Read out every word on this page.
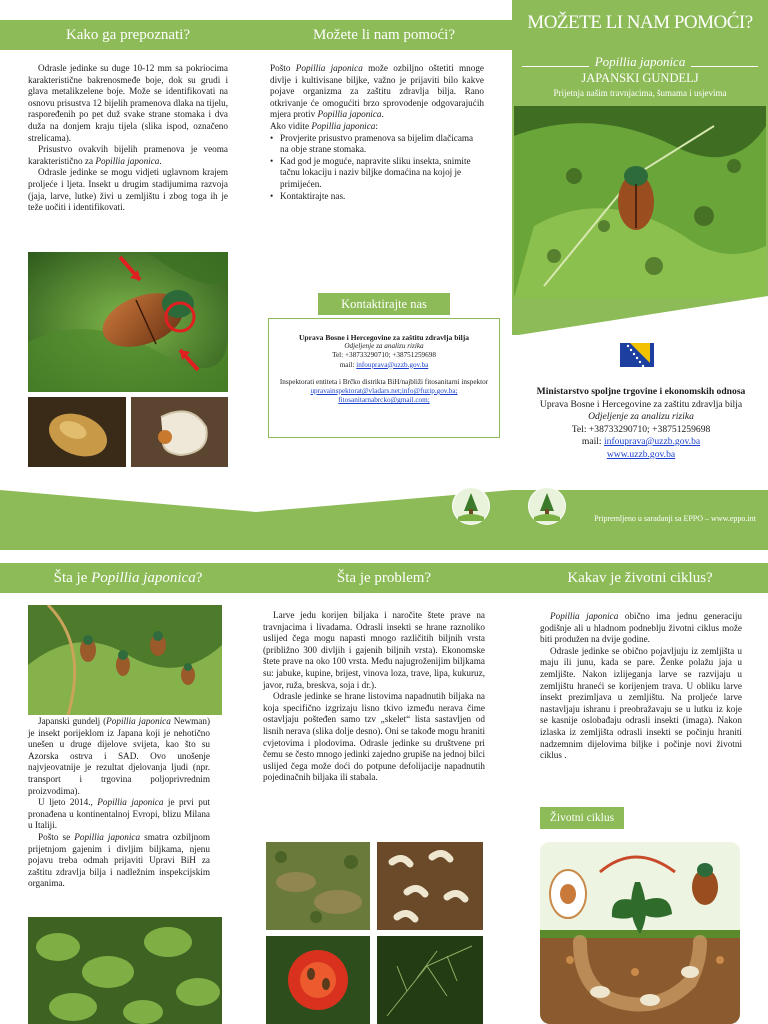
Kako ga prepoznati?	Možete li nam pomoći?
Odrasle jedinke su duge 10-12 mm sa pokriocima karakteristične bakrenosmeđe boje, dok su grudi i glava metalikzelene boje. Može se identifikovati na osnovu prisustva 12 bijelih pramenova dlaka na tijelu, raspoređenih po pet duž svake strane stomaka i dva duža na donjem kraju tijela (slika ispod, označeno strelicama).
Prisustvo ovakvih bijelih pramenova je veoma karakteristično za Popillia japonica.
Odrasle jedinke se mogu vidjeti uglavnom krajem proljeće i ljeta. Insekt u drugim stadijumima razvoja (jaja, larve, lutke) živi u zemljištu i zbog toga ih je teže uočiti i identifikovati.
Pošto Popillia japonica može ozbiljno oštetiti mnoge divlje i kultivisane biljke, važno je prijaviti bilo kakve pojave organizma za zaštitu zdravlja bilja. Rano otkrivanje će omogućiti brzo sprovodenje odgovarajućih mjera protiv Popillia japonica.
Ako vidite Popillia japonica:
• Provjerite prisustvo pramenova sa bijelim dlačicama na obje strane stomaka.
• Kad god je moguće, napravite sliku insekta, snimite tačnu lokaciju i naziv biljke domaćina na kojoj je primijećen.
• Kontaktirajte nas.
Uprava Bosne i Hercegovine za zaštitu zdravlja bilja
Odjeljenje za analizu rizika
Tel: +38733290710; +38751259698
mail: infouprava@uzzb.gov.ba
Inspektorati entiteta i Brčko distrikta BiH/najbliži fitosanitarni inspektor
upravainspektorat@vladars.net;info@fuzip.gov.ba;
fitosanitarnabrcko@gmail.com;
Kontaktirajte nas
MOŽETE LI NAM POMOĆI?
Popillia japonica
JAPANSKI GUNDELJ
Prijetnja našim travnjacima, šumama i usjevima
Ministarstvo spoljne trgovine i ekonomskih odnosa
Uprava Bosne i Hercegovine za zaštitu zdravlja bilja
Odjeljenje za analizu rizika
Tel: +38733290710; +38751259698
mail: infouprava@uzzb.gov.ba
www.uzzb.gov.ba
Pripremljeno u saradanji sa EPPO – www.eppo.int
Šta je Popillia japonica?	Šta je problem?	Kakav je životni ciklus?
Japanski gundelj (Popillia japonica Newman) je insekt porijeklom iz Japana koji je nehotično unešen u druge dijelove svijeta, kao što su Azorska ostrva i SAD. Ovo unošenje najvjeovatnije je rezultat djelovanja ljudi (npr. transport i trgovina poljoprivrednim proizvodima).
U ljeto 2014., Popillia japonica je prvi put pronađena u kontinentalnoj Evropi, blizu Milana u Italiji.
Pošto se Popillia japonica smatra ozbiljnom prijetnjom gajenim i divljim biljkama, njenu pojavu treba odmah prijaviti Upravi BiH za zaštitu zdravlja bilja i nadležnim inspekcijskim organima.
Larve jedu korijen biljaka i naročite štete prave na travnjacima i livadama. Odrasli insekti se hrane raznoliko uslijed čega mogu napasti mnogo različitih biljnih vrsta (približno 300 divljih i gajenih biljnih vrsta). Ekonomske štete prave na oko 100 vrsta. Među najugroženijim biljkama su: jabuke, kupine, brijest, vinova loza, trave, lipa, kukuruz, javor, ruža, breskva, soja i dr.).
Odrasle jedinke se hrane listovima napadnutih biljaka na koja specifično izgrizaju lisno tkivo između nerava čime ostavljaju pošteđen samo tzv „skelet“ lista sastavljen od lisnih nerava (slika dolje desno). Oni se takođe mogu hraniti cvjetovima i plodovima. Odrasle jedinke su društvene pri čemu se često mnogo jedinki zajedno grupiše na jednoj bilci uslijed čega može doći do potpune defolijacije napadnutih pojedinačnih biljaka ili stabala.
Popillia japonica obično ima jednu generaciju godišnje ali u hladnom podneblju životni ciklus može biti produžen na dvije godine.
Odrasle jedinke se obično pojavljuju iz zemljišta u maju ili junu, kada se pare. Ženke polažu jaja u zemljište. Nakon izlijeganja larve se razvijaju u zemljištu hraneći se korijenjem trava. U obliku larve insekt prezimljava u zemljištu. Na proljeće larve nastavljaju ishranu i preobražavaju se u lutku iz koje se kasnije oslobađaju odrasli insekti (imaga). Nakon izlaska iz zemljišta odrasli insekti se počinju hraniti nadzemnim dijelovima biljke i počinje novi životni ciklus .
Životni ciklus
